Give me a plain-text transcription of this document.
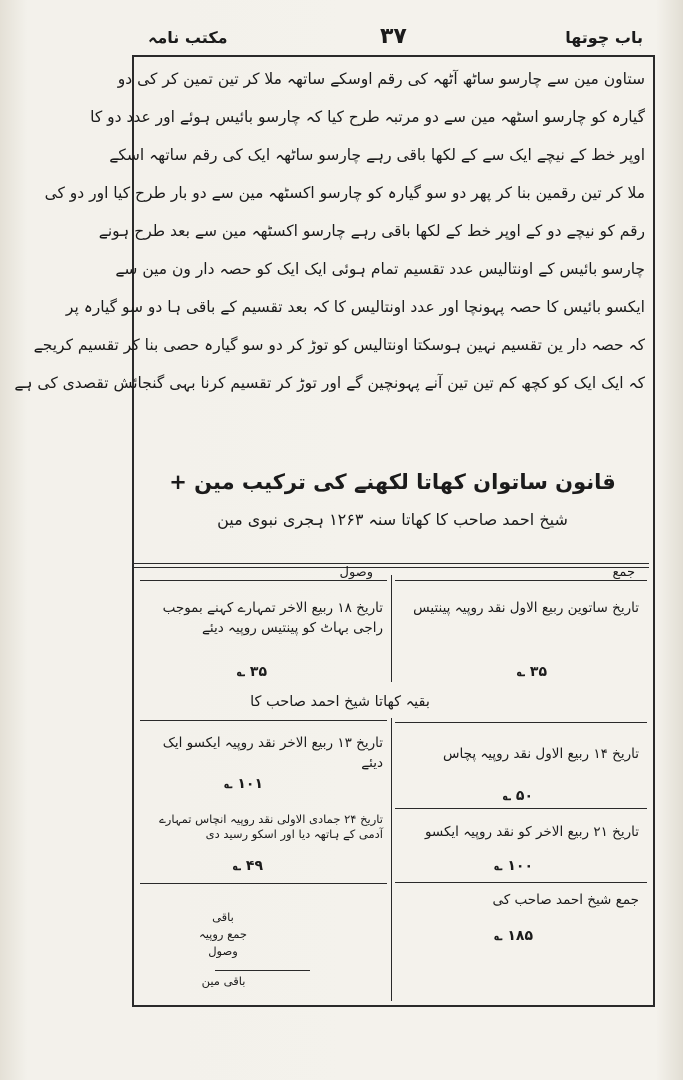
باب چوتھا
۳۷
مکتب نامہ
ستاون مین سے چارسو ساٹھ آٹھہ کی رقم اوسکے ساتھہ ملا کر تین تمین کر کی دو
گیارہ کو چارسو اسٹھہ مین سے دو مرتبہ طرح کیا کہ چارسو بائیس ہوئے اور عدد دو کا
اوپر خط کے نیچے ایک سے کے لکھا باقی رہے چارسو ساٹھہ ایک کی رقم ساتھہ اسکے
ملا کر تین رقمین بنا کر پھر دو سو گیارہ کو چارسو اکسٹھہ مین سے دو بار طرح کیا اور دو کی
رقم کو نیچے دو کے اوپر خط کے لکھا باقی رہے چارسو اکسٹھہ مین سے بعد طرح ہونے
چارسو بائیس کے اونتالیس عدد تقسیم تمام ہوئی ایک ایک کو حصہ دار ون مین سے
ایکسو بائیس کا حصہ پہونچا اور عدد اونتالیس کا کہ بعد تقسیم کے باقی ہا دو سو گیارہ پر
کہ حصہ دار ین تقسیم نہین ہوسکتا اونتالیس کو توڑ کر دو سو گیارہ حصی بنا کر تقسیم کریجے
کہ ایک ایک کو کچھ کم تین تین آنے پہونچین گے اور توڑ کر تقسیم کرنا بہی گنجائش تقصدی کی ہے
قانون ساتوان کھاتا لکھنے کی ترکیب مین +
شیخ احمد صاحب کا کھاتا سنہ ۱۲۶۳ ہجری نبوی مین
جمع
وصول
تاریخ ساتوین ربیع الاول نقد روپیہ پینتیس
۳۵ ؎
تاریخ ۱۴ ربیع الاول نقد روپیہ پچاس
۵۰ ؎
تاریخ ۲۱ ربیع الاخر کو نقد روپیہ ایکسو
۱۰۰ ؎
جمع شیخ احمد صاحب کی
۱۸۵ ؎
بقیہ کھاتا شیخ احمد صاحب کا
تاریخ ۱۸ ربیع الاخر تمہارے کہنے بموجب راجی بہاٹ کو پینتیس روپیہ دیئے
۳۵ ؎
تاریخ ۱۳ ربیع الاخر نقد روپیہ ایکسو ایک دیئے
۱۰۱ ؎
تاریخ ۲۴ جمادی الاولی نقد روپیہ انچاس تمہارے آدمی کے ہاتھہ دیا اور اسکو رسید دی
۴۹ ؎
باقی
جمع روپیہ
وصول
باقی مین
